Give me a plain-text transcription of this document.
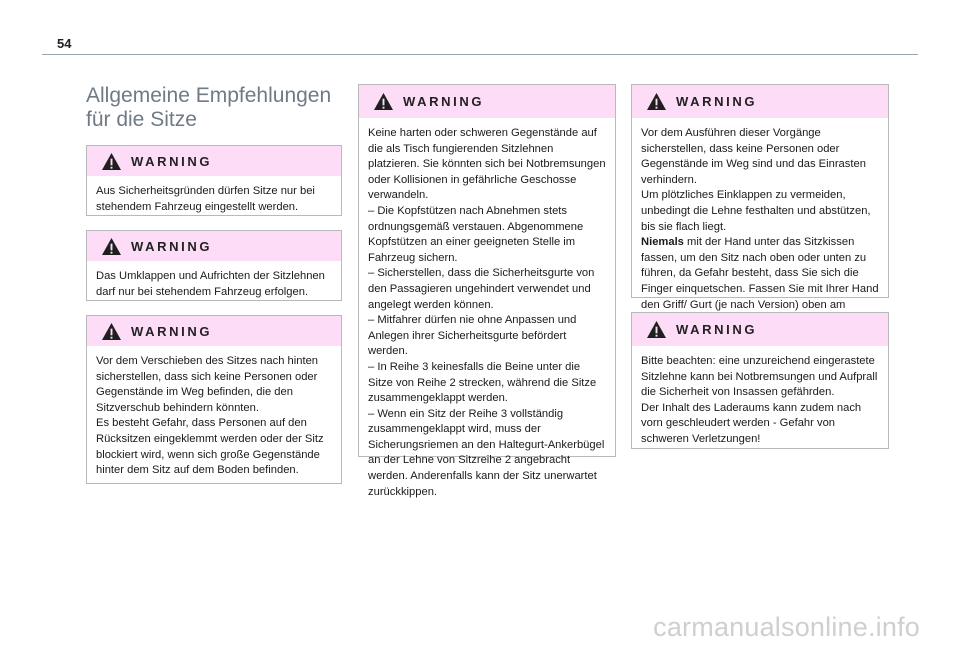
54
Allgemeine Empfehlungen für die Sitze
WARNING
Aus Sicherheitsgründen dürfen Sitze nur bei stehendem Fahrzeug eingestellt werden.
WARNING
Das Umklappen und Aufrichten der Sitzlehnen darf nur bei stehendem Fahrzeug erfolgen.
WARNING
Vor dem Verschieben des Sitzes nach hinten sicherstellen, dass sich keine Personen oder Gegenstände im Weg befinden, die den Sitzverschub behindern könnten.
Es besteht Gefahr, dass Personen auf den Rücksitzen eingeklemmt werden oder der Sitz blockiert wird, wenn sich große Gegenstände hinter dem Sitz auf dem Boden befinden.
WARNING
Keine harten oder schweren Gegenstände auf die als Tisch fungierenden Sitzlehnen platzieren. Sie könnten sich bei Notbremsungen oder Kollisionen in gefährliche Geschosse verwandeln.
– Die Kopfstützen nach Abnehmen stets ordnungsgemäß verstauen. Abgenommene Kopfstützen an einer geeigneten Stelle im Fahrzeug sichern.
– Sicherstellen, dass die Sicherheitsgurte von den Passagieren ungehindert verwendet und angelegt werden können.
– Mitfahrer dürfen nie ohne Anpassen und Anlegen ihrer Sicherheitsgurte befördert werden.
– In Reihe 3 keinesfalls die Beine unter die Sitze von Reihe 2 strecken, während die Sitze zusammengeklappt werden.
– Wenn ein Sitz der Reihe 3 vollständig zusammengeklappt wird, muss der Sicherungsriemen an den Haltegurt-Ankerbügel an der Lehne von Sitzreihe 2 angebracht werden. Anderenfalls kann der Sitz unerwartet zurückkippen.
WARNING
Vor dem Ausführen dieser Vorgänge sicherstellen, dass keine Personen oder Gegenstände im Weg sind und das Einrasten verhindern.
Um plötzliches Einklappen zu vermeiden, unbedingt die Lehne festhalten und abstützen, bis sie flach liegt.
Niemals mit der Hand unter das Sitzkissen fassen, um den Sitz nach oben oder unten zu führen, da Gefahr besteht, dass Sie sich die Finger einquetschen. Fassen Sie mit Ihrer Hand den Griff/ Gurt (je nach Version) oben am
WARNING
Bitte beachten: eine unzureichend eingerastete Sitzlehne kann bei Notbremsungen und Aufprall die Sicherheit von Insassen gefährden.
Der Inhalt des Laderaums kann zudem nach vorn geschleudert werden - Gefahr von schweren Verletzungen!
carmanualsonline.info
